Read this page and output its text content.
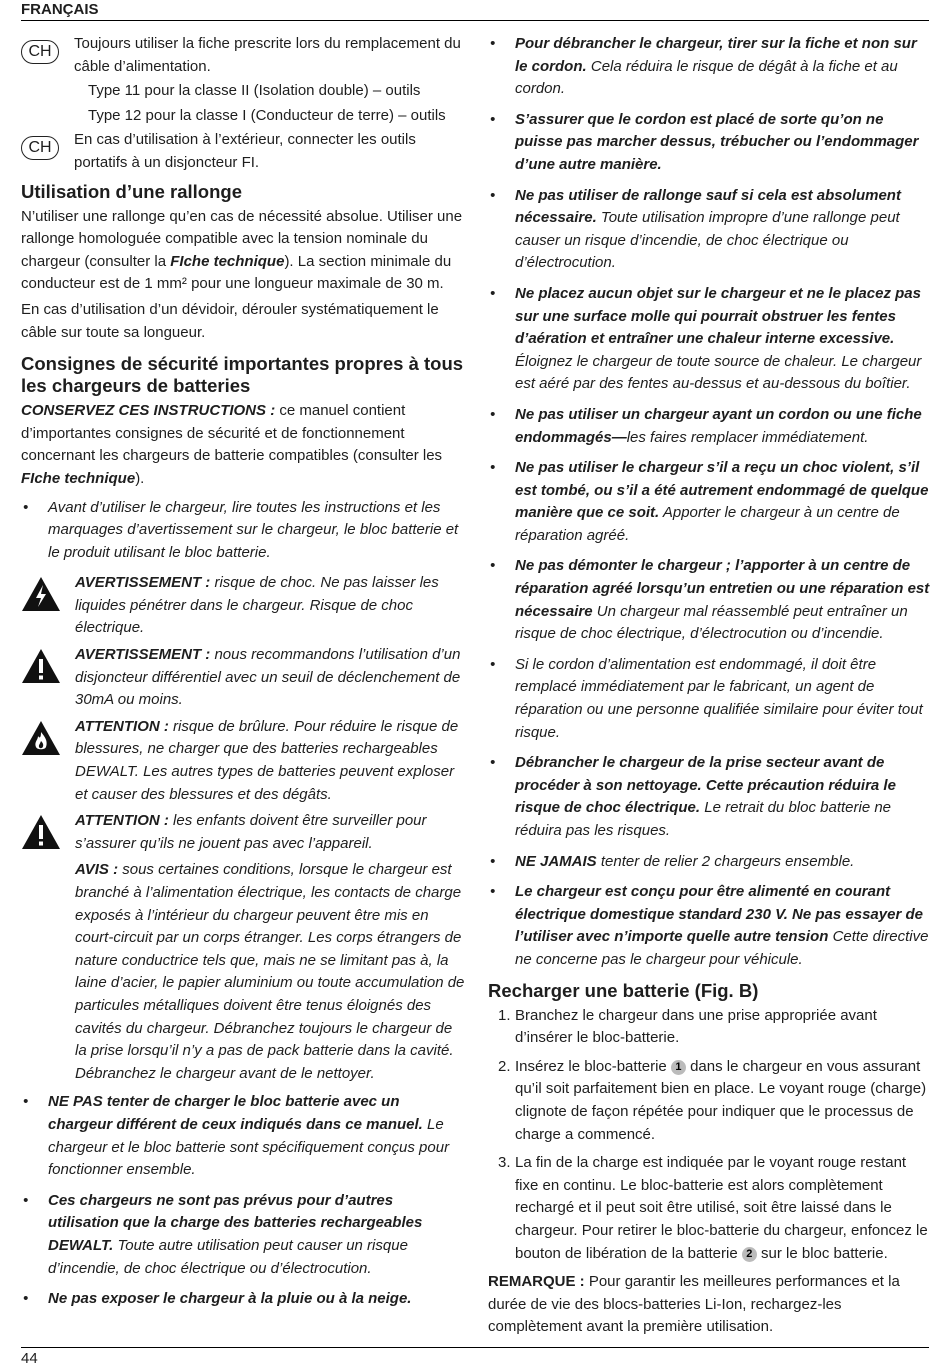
FRANÇAIS
CH	Toujours utiliser la fiche prescrite lors du remplacement du câble d’alimentation.
Type 11 pour la classe II (Isolation double) – outils
Type 12 pour la classe I (Conducteur de terre) – outils
CH	En cas d’utilisation à l’extérieur, connecter les outils portatifs à un disjoncteur FI.
Utilisation d’une rallonge

N’utiliser une rallonge qu’en cas de nécessité absolue. Utiliser une rallonge homologuée compatible avec la tension nominale du chargeur (consulter la FIche technique). La section minimale du conducteur est de 1 mm² pour une longueur maximale de 30 m.

En cas d’utilisation d’un dévidoir, dérouler systématiquement le câble sur toute sa longueur.

Consignes de sécurité importantes propres à tous les chargeurs de batteries

CONSERVEZ CES INSTRUCTIONS : ce manuel contient d’importantes consignes de sécurité et de fonctionnement concernant les chargeurs de batterie compatibles (consulter les FIche technique).

• Avant d’utiliser le chargeur, lire toutes les instructions et les marquages d’avertissement sur le chargeur, le bloc batterie et le produit utilisant le bloc batterie.
AVERTISSEMENT : risque de choc. Ne pas laisser les liquides pénétrer dans le chargeur. Risque de choc électrique.
AVERTISSEMENT : nous recommandons l’utilisation d’un disjoncteur différentiel avec un seuil de déclenchement de 30mA ou moins.
ATTENTION : risque de brûlure. Pour réduire le risque de blessures, ne charger que des batteries rechargeables DEWALT. Les autres types de batteries peuvent exploser et causer des blessures et des dégâts.
ATTENTION : les enfants doivent être surveiller pour s’assurer qu’ils ne jouent pas avec l’appareil.
AVIS : sous certaines conditions, lorsque le chargeur est branché à l’alimentation électrique, les contacts de charge exposés à l’intérieur du chargeur peuvent être mis en court-circuit par un corps étranger. Les corps étrangers de nature conductrice tels que, mais ne se limitant pas à, la laine d’acier, le papier aluminium ou toute accumulation de particules métalliques doivent être tenus éloignés des cavités du chargeur. Débranchez toujours le chargeur de la prise lorsqu’il n’y a pas de pack batterie dans la cavité. Débranchez le chargeur avant de le nettoyer.
• NE PAS tenter de charger le bloc batterie avec un chargeur différent de ceux indiqués dans ce manuel. Le chargeur et le bloc batterie sont spécifiquement conçus pour fonctionner ensemble.
• Ces chargeurs ne sont pas prévus pour d’autres utilisation que la charge des batteries rechargeables DEWALT. Toute autre utilisation peut causer un risque d’incendie, de choc électrique ou d’électrocution.
• Ne pas exposer le chargeur à la pluie ou à la neige.
• Pour débrancher le chargeur, tirer sur la fiche et non sur le cordon. Cela réduira le risque de dégât à la fiche et au cordon.
• S’assurer que le cordon est placé de sorte qu’on ne puisse pas marcher dessus, trébucher ou l’endommager d’une autre manière.
• Ne pas utiliser de rallonge sauf si cela est absolument nécessaire. Toute utilisation impropre d’une rallonge peut causer un risque d’incendie, de choc électrique ou d’électrocution.
• Ne placez aucun objet sur le chargeur et ne le placez pas sur une surface molle qui pourrait obstruer les fentes d’aération et entraîner une chaleur interne excessive. Éloignez le chargeur de toute source de chaleur. Le chargeur est aéré par des fentes au-dessus et au-dessous du boîtier.
• Ne pas utiliser un chargeur ayant un cordon ou une fiche endommagés—les faires remplacer immédiatement.
• Ne pas utiliser le chargeur s’il a reçu un choc violent, s’il est tombé, ou s’il a été autrement endommagé de quelque manière que ce soit. Apporter le chargeur à un centre de réparation agréé.
• Ne pas démonter le chargeur ; l’apporter à un centre de réparation agréé lorsqu’un entretien ou une réparation est nécessaire Un chargeur mal réassemblé peut entraîner un risque de choc électrique, d’électrocution ou d’incendie.
• Si le cordon d’alimentation est endommagé, il doit être remplacé immédiatement par le fabricant, un agent de réparation ou une personne qualifiée similaire pour éviter tout risque.
• Débrancher le chargeur de la prise secteur avant de procéder à son nettoyage. Cette précaution réduira le risque de choc électrique. Le retrait du bloc batterie ne réduira pas les risques.
• NE JAMAIS tenter de relier 2 chargeurs ensemble.
• Le chargeur est conçu pour être alimenté en courant électrique domestique standard 230 V. Ne pas essayer de l’utiliser avec n’importe quelle autre tension Cette directive ne concerne pas le chargeur pour véhicule.
Recharger une batterie (Fig. B)
1. Branchez le chargeur dans une prise appropriée avant d’insérer le bloc-batterie.
2. Insérez le bloc-batterie 1 dans le chargeur en vous assurant qu’il soit parfaitement bien en place. Le voyant rouge (charge) clignote de façon répétée pour indiquer que le processus de charge a commencé.
3. La fin de la charge est indiquée par le voyant rouge restant fixe en continu. Le bloc-batterie est alors complètement rechargé et il peut soit être utilisé, soit être laissé dans le chargeur. Pour retirer le bloc-batterie du chargeur, enfoncez le bouton de libération de la batterie 2 sur le bloc batterie.

REMARQUE : Pour garantir les meilleures performances et la durée de vie des blocs-batteries Li-Ion, rechargez-les complètement avant la première utilisation.

44
